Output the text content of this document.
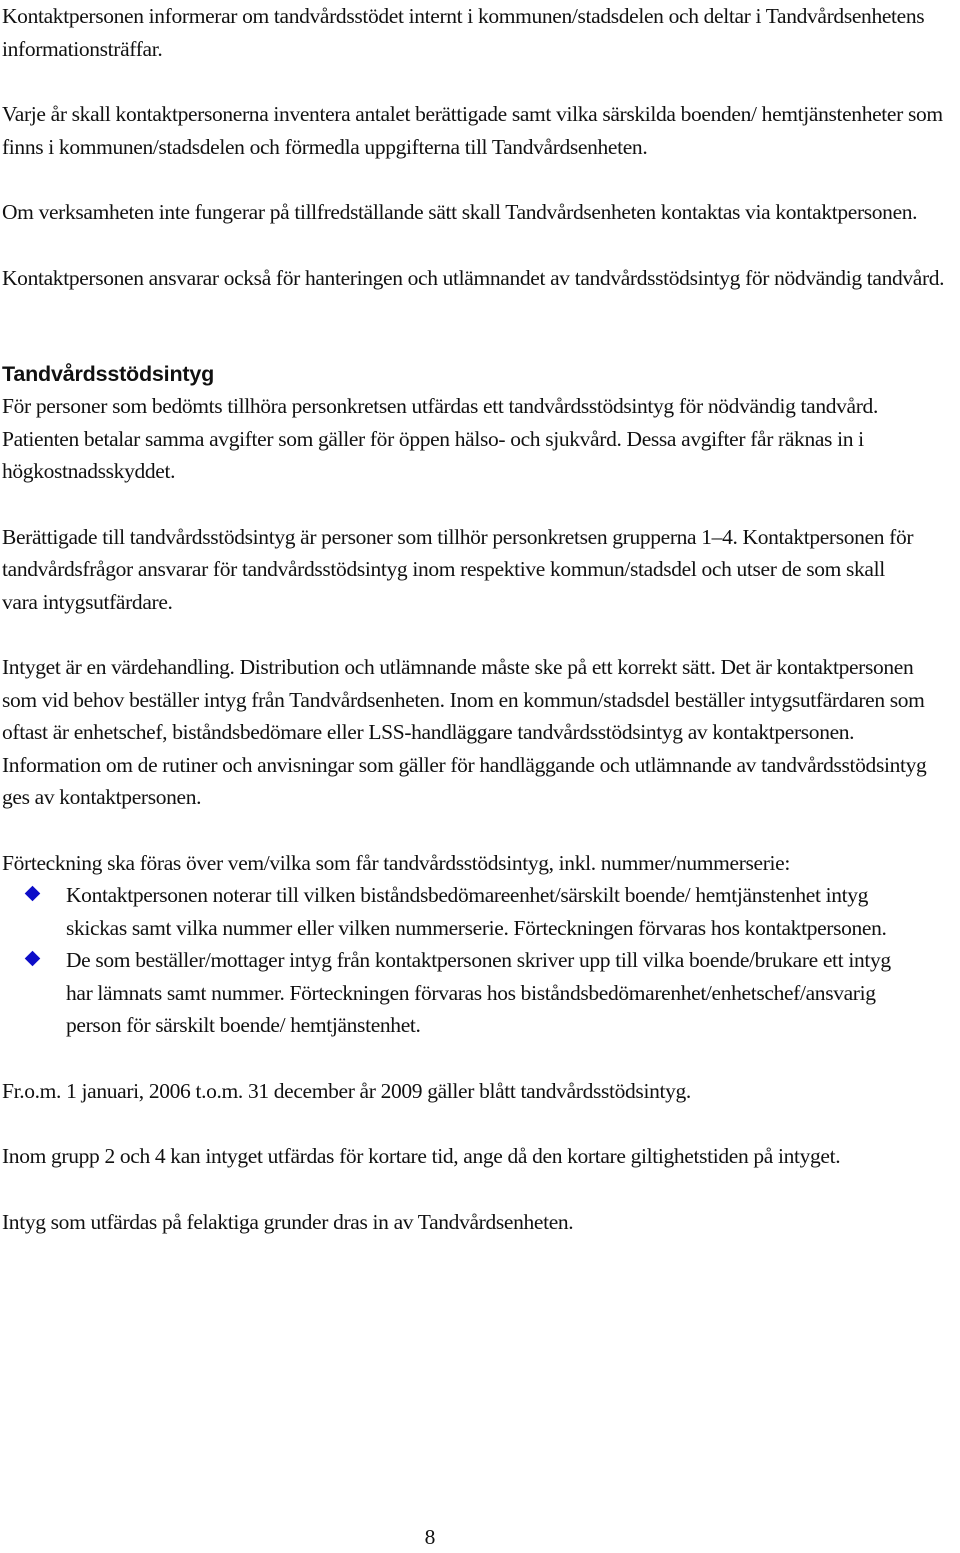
Kontaktpersonen informerar om tandvårdsstödet internt i kommunen/stadsdelen och deltar i Tandvårdsenhetens informationsträffar.

Varje år skall kontaktpersonerna inventera antalet berättigade samt vilka särskilda boenden/ hemtjänstenheter som finns i kommunen/stadsdelen och förmedla uppgifterna till Tandvårdsenheten.

Om verksamheten inte fungerar på tillfredställande sätt skall Tandvårdsenheten kontaktas via kontaktpersonen.

Kontaktpersonen ansvarar också för hanteringen och utlämnandet av tandvårdsstödsintyg för nödvändig tandvård.

Tandvårdsstödsintyg

För personer som bedömts tillhöra personkretsen utfärdas ett tandvårdsstödsintyg för nödvändig tandvård. Patienten betalar samma avgifter som gäller för öppen hälso- och sjukvård. Dessa avgifter får räknas in i högkostnadsskyddet.

Berättigade till tandvårdsstödsintyg är personer som tillhör personkretsen grupperna 1–4. Kontaktpersonen för tandvårdsfrågor ansvarar för tandvårdsstödsintyg inom respektive kommun/stadsdel och utser de som skall vara intygsutfärdare.

Intyget är en värdehandling. Distribution och utlämnande måste ske på ett korrekt sätt. Det är kontaktpersonen som vid behov beställer intyg från Tandvårdsenheten. Inom en kommun/stadsdel beställer intygsutfärdaren som oftast är enhetschef, biståndsbedömare eller LSS-handläggare tandvårdsstödsintyg av kontaktpersonen. Information om de rutiner och anvisningar som gäller för handläggande och utlämnande av tandvårdsstödsintyg ges av kontaktpersonen.

Förteckning ska föras över vem/vilka som får tandvårdsstödsintyg, inkl. nummer/nummerserie:

Kontaktpersonen noterar till vilken biståndsbedömareenhet/särskilt boende/ hemtjänstenhet intyg skickas samt vilka nummer eller vilken nummerserie. Förteckningen förvaras hos kontaktpersonen.
De som beställer/mottager intyg från kontaktpersonen skriver upp till vilka boende/brukare ett intyg har lämnats samt nummer. Förteckningen förvaras hos biståndsbedömarenhet/enhetschef/ansvarig person för särskilt boende/ hemtjänstenhet.

Fr.o.m. 1 januari, 2006 t.o.m. 31 december år 2009 gäller blått tandvårdsstödsintyg.

Inom grupp 2 och 4 kan intyget utfärdas för kortare tid, ange då den kortare giltighetstiden på intyget.

Intyg som utfärdas på felaktiga grunder dras in av Tandvårdsenheten.

8
